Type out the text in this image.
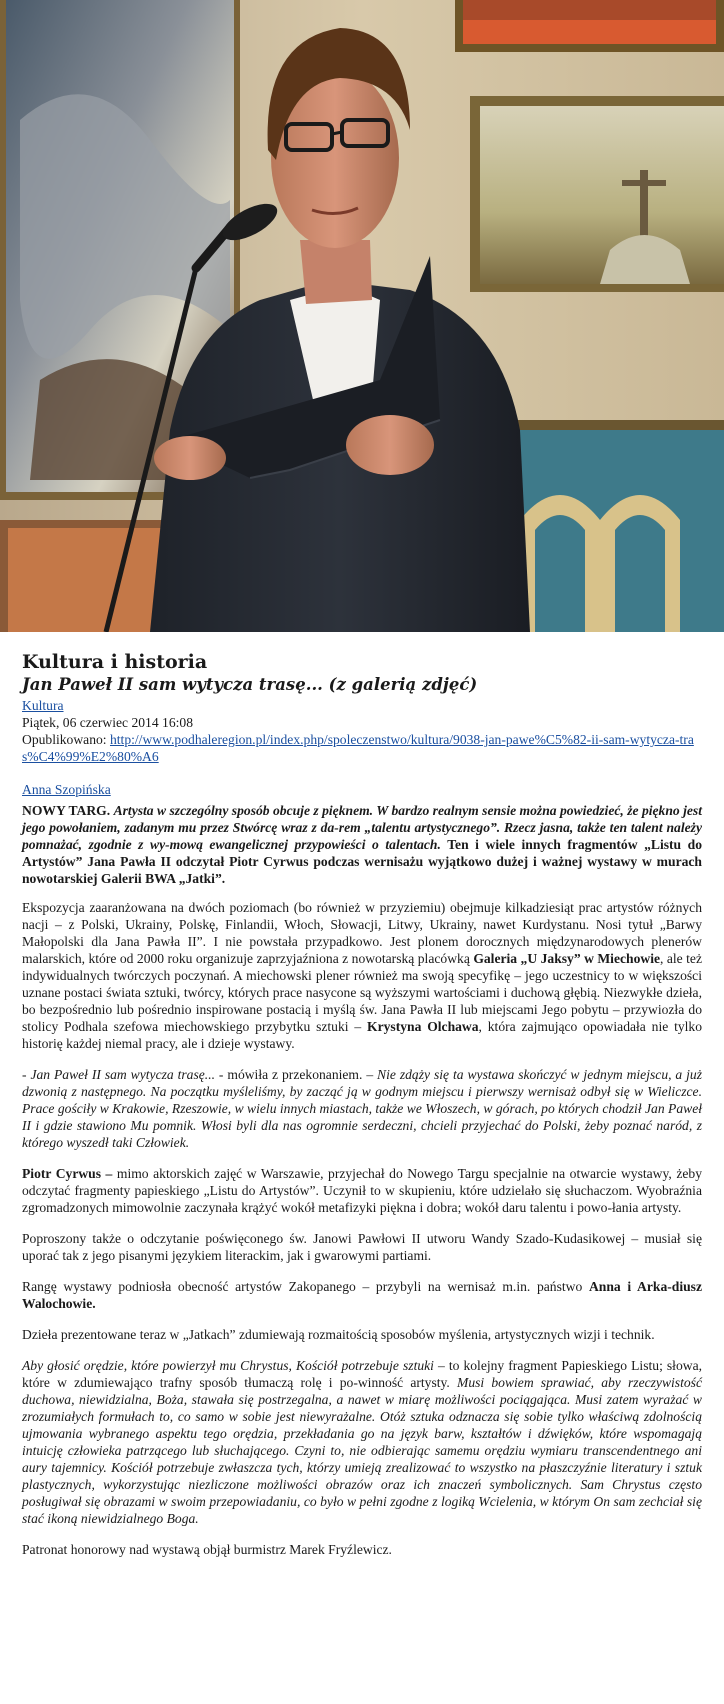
Kultura i historia
Jan Paweł II sam wytycza trasę... (z galerią zdjęć)
Kultura
Piątek, 06 czerwiec 2014 16:08
Opublikowano: http://www.podhaleregion.pl/index.php/spoleczenstwo/kultura/9038-jan-pawe%C5%82-ii-sam-wytycza-tras%C4%99%E2%80%A6
Anna Szopińska

NOWY TARG. Artysta w szczególny sposób obcuje z pięknem. W bardzo realnym sensie można powiedzieć, że piękno jest jego powołaniem, zadanym mu przez Stwórcę wraz z da-rem „talentu artystycznego”. Rzecz jasna, także ten talent należy pomnażać, zgodnie z wy-mową ewangelicznej przypowieści o talentach. Ten i wiele innych fragmentów „Listu do Artystów” Jana Pawła II odczytał Piotr Cyrwus podczas wernisażu wyjątkowo dużej i ważnej wystawy w murach nowotarskiej Galerii BWA „Jatki”.

Ekspozycja zaaranżowana na dwóch poziomach (bo również w przyziemiu) obejmuje kilkadziesiąt prac artystów różnych nacji – z Polski, Ukrainy, Polskę, Finlandii, Włoch, Słowacji, Litwy, Ukrainy, nawet Kurdystanu. Nosi tytuł „Barwy Małopolski dla Jana Pawła II”. I nie powstała przypadkowo. Jest plonem dorocznych międzynarodowych plenerów malarskich, które od 2000 roku organizuje zaprzyjaźniona z nowotarską placówką Galeria „U Jaksy” w Miechowie, ale też indywidualnych twórczych poczynań. A miechowski plener również ma swoją specyfikę – jego uczestnicy to w większości uznane postaci świata sztuki, twórcy, których prace nasycone są wyższymi wartościami i duchową głębią. Niezwykłe dzieła, bo bezpośrednio lub pośrednio inspirowane postacią i myślą św. Jana Pawła II lub miejscami Jego pobytu – przywiozła do stolicy Podhala szefowa miechowskiego przybytku sztuki – Krystyna Olchawa, która zajmująco opowiadała nie tylko historię każdej niemal pracy, ale i dzieje wystawy.

- Jan Paweł II sam wytycza trasę... - mówiła z przekonaniem. – Nie zdąży się ta wystawa skończyć w jednym miejscu, a już dzwonią z następnego. Na początku myśleliśmy, by zacząć ją w godnym miejscu i pierwszy wernisaż odbył się w Wieliczce. Prace gościły w Krakowie, Rzeszowie, w wielu innych miastach, także we Włoszech, w górach, po których chodził Jan Paweł II i gdzie stawiono Mu pomnik. Włosi byli dla nas ogromnie serdeczni, chcieli przyjechać do Polski, żeby poznać naród, z którego wyszedł taki Człowiek.

Piotr Cyrwus – mimo aktorskich zajęć w Warszawie, przyjechał do Nowego Targu specjalnie na otwarcie wystawy, żeby odczytać fragmenty papieskiego „Listu do Artystów”. Uczynił to w skupieniu, które udzielało się słuchaczom. Wyobraźnia zgromadzonych mimowolnie zaczynała krążyć wokół metafizyki piękna i dobra; wokół daru talentu i powo-łania artysty.

Poproszony także o odczytanie poświęconego św. Janowi Pawłowi II utworu Wandy Szado-Kudasikowej – musiał się uporać tak z jego pisanymi językiem literackim, jak i gwarowymi partiami.

Rangę wystawy podniosła obecność artystów Zakopanego – przybyli na wernisaż m.in. państwo Anna i Arka-diusz Walochowie.

Dzieła prezentowane teraz w „Jatkach” zdumiewają rozmaitością sposobów myślenia, artystycznych wizji i technik.

Aby głosić orędzie, które powierzył mu Chrystus, Kościół potrzebuje sztuki – to kolejny fragment Papieskiego Listu; słowa, które w zdumiewająco trafny sposób tłumaczą rolę i po-winność artysty. Musi bowiem sprawiać, aby rzeczywistość duchowa, niewidzialna, Boża, stawała się postrzegalna, a nawet w miarę możliwości pociągająca. Musi zatem wyrażać w zrozumiałych formułach to, co samo w sobie jest niewyrażalne. Otóż sztuka odznacza się sobie tylko właściwą zdolnością ujmowania wybranego aspektu tego orędzia, przekładania go na język barw, kształtów i dźwięków, które wspomagają intuicję człowieka patrzącego lub słuchającego. Czyni to, nie odbierając samemu orędziu wymiaru transcendentnego ani aury tajemnicy. Kościół potrzebuje zwłaszcza tych, którzy umieją zrealizować to wszystko na płaszczyźnie literatury i sztuk plastycznych, wykorzystując niezliczone możliwości obrazów oraz ich znaczeń symbolicznych. Sam Chrystus często posługiwał się obrazami w swoim przepowiadaniu, co było w pełni zgodne z logiką Wcielenia, w którym On sam zechciał się stać ikoną niewidzialnego Boga.

Patronat honorowy nad wystawą objął burmistrz Marek Fryźlewicz.
